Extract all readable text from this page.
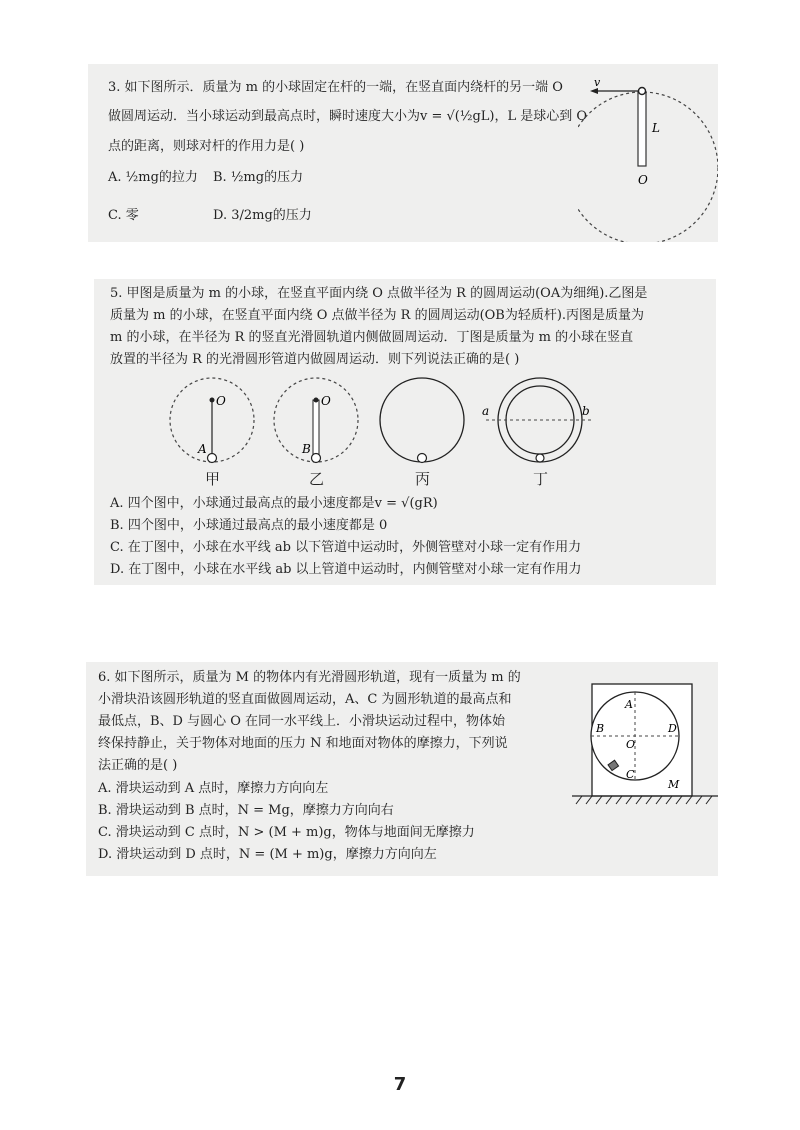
3. 如下图所示．质量为 m 的小球固定在杆的一端，在竖直面内绕杆的另一端 O
做圆周运动．当小球运动到最高点时，瞬时速度大小为v = √(½gL)，L 是球心到 O
点的距离，则球对杆的作用力是( )
A. ½mg的拉力 B. ½mg的压力
C. 零	D. 3/2mg的压力
v
L
O
5. 甲图是质量为 m 的小球，在竖直平面内绕 O 点做半径为 R 的圆周运动(OA为细绳).乙图是
质量为 m 的小球，在竖直平面内绕 O 点做半径为 R 的圆周运动(OB为轻质杆).丙图是质量为
m 的小球，在半径为 R 的竖直光滑圆轨道内侧做圆周运动．丁图是质量为 m 的小球在竖直
放置的半径为 R 的光滑圆形管道内做圆周运动．则下列说法正确的是( )
O
A
O
B
a	b
甲	乙	丙	丁
A. 四个图中，小球通过最高点的最小速度都是v = √(gR)
B. 四个图中，小球通过最高点的最小速度都是 0
C. 在丁图中，小球在水平线 ab 以下管道中运动时，外侧管壁对小球一定有作用力
D. 在丁图中，小球在水平线 ab 以上管道中运动时，内侧管壁对小球一定有作用力
6. 如下图所示，质量为 M 的物体内有光滑圆形轨道，现有一质量为 m 的
小滑块沿该圆形轨道的竖直面做圆周运动，A、C 为圆形轨道的最高点和
最低点，B、D 与圆心 O 在同一水平线上．小滑块运动过程中，物体始
终保持静止，关于物体对地面的压力 N 和地面对物体的摩擦力，下列说
法正确的是( )
A. 滑块运动到 A 点时，摩擦力方向向左
B. 滑块运动到 B 点时，N = Mg，摩擦力方向向右
C. 滑块运动到 C 点时，N > (M + m)g，物体与地面间无摩擦力
D. 滑块运动到 D 点时，N = (M + m)g，摩擦力方向向左
A
B	D
O
C
M
7
